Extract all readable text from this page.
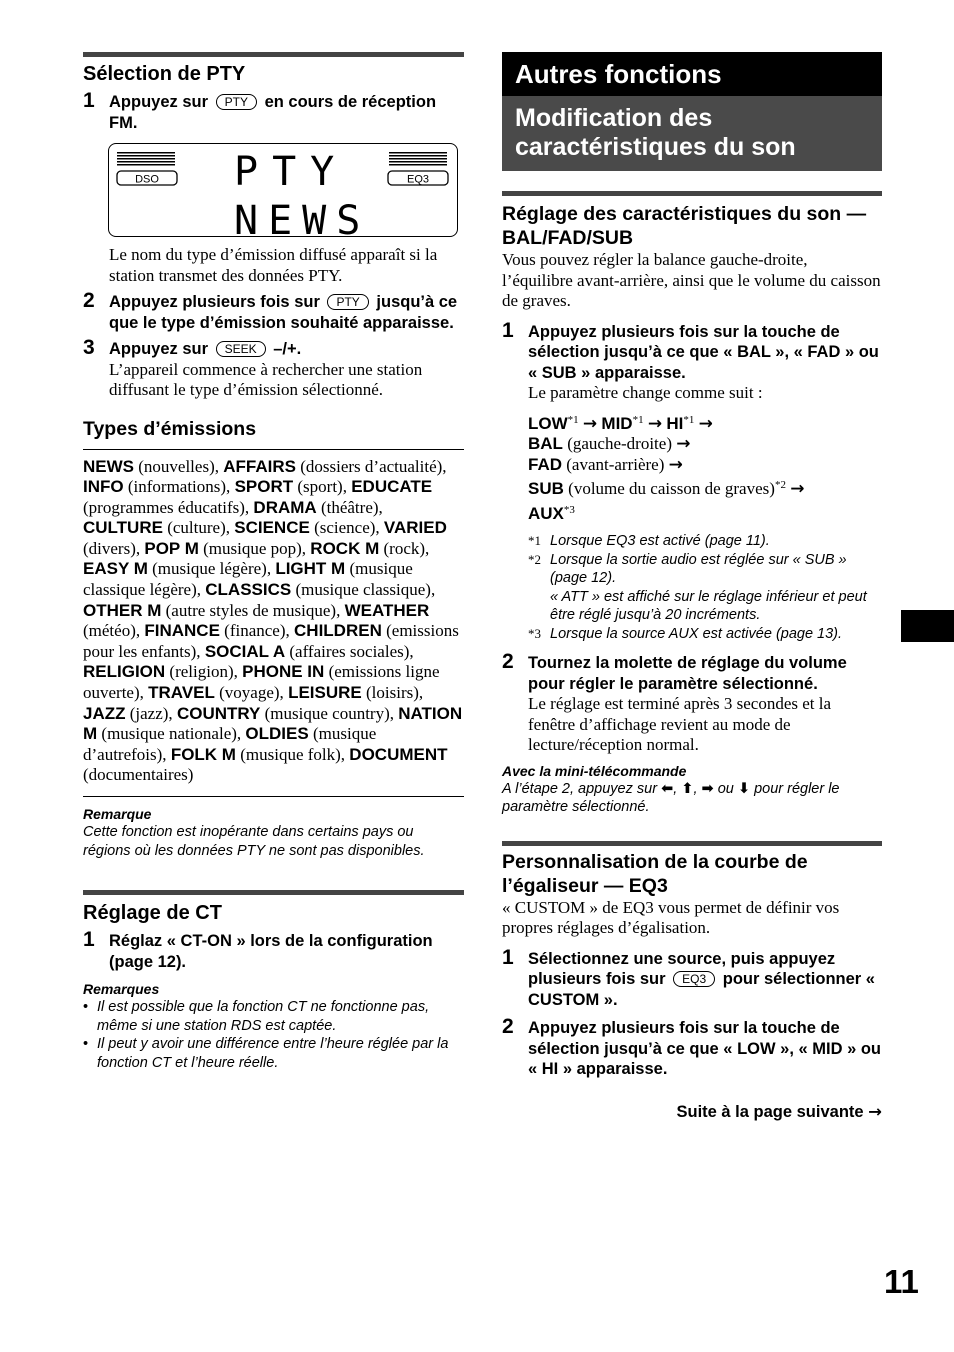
Sélection de PTY
1 Appuyez sur PTY en cours de réception FM.
DSO	EQ3
PTY
NEWS
Le nom du type d’émission diffusé apparaît si la station transmet des données PTY.
2 Appuyez plusieurs fois sur PTY jusqu’à ce que le type d’émission souhaité apparaisse.
3 Appuyez sur SEEK –/+.
L’appareil commence à rechercher une station diffusant le type d’émission sélectionné.
Types d’émissions
NEWS (nouvelles), AFFAIRS (dossiers d’actualité), INFO (informations), SPORT (sport), EDUCATE (programmes éducatifs), DRAMA (théâtre), CULTURE (culture), SCIENCE (science), VARIED (divers), POP M (musique pop), ROCK M (rock), EASY M (musique légère), LIGHT M (musique classique légère), CLASSICS (musique classique), OTHER M (autre styles de musique), WEATHER (météo), FINANCE (finance), CHILDREN (emissions pour les enfants), SOCIAL A (affaires sociales), RELIGION (religion), PHONE IN (emissions ligne ouverte), TRAVEL (voyage), LEISURE (loisirs), JAZZ (jazz), COUNTRY (musique country), NATION M (musique nationale), OLDIES (musique d’autrefois), FOLK M (musique folk), DOCUMENT (documentaires)
Remarque
Cette fonction est inopérante dans certains pays ou régions où les données PTY ne sont pas disponibles.
Réglage de CT
1 Réglaz « CT-ON » lors de la configuration (page 12).
Remarques
• Il est possible que la fonction CT ne fonctionne pas, même si une station RDS est captée.
• Il peut y avoir une différence entre l’heure réglée par la fonction CT et l’heure réelle.
Autres fonctions
Modification des caractéristiques du son
Réglage des caractéristiques du son — BAL/FAD/SUB
Vous pouvez régler la balance gauche-droite, l’équilibre avant-arrière, ainsi que le volume du caisson de graves.
1 Appuyez plusieurs fois sur la touche de sélection jusqu’à ce que « BAL », « FAD » ou « SUB » apparaisse.
Le paramètre change comme suit :
$LOW^{*1} \to MID^{*1} \to HI^{*1}$ →
BAL (gauche-droite) →
FAD (avant-arrière) →
SUB (volume du caisson de graves)$^{*2}$ →
$AUX^{*3}$
*1 Lorsque EQ3 est activé (page 11).
*2 Lorsque la sortie audio est réglée sur « SUB » (page 12).
« ATT » est affiché sur le réglage inférieur et peut être réglé jusqu’à 20 incréments.
*3 Lorsque la source AUX est activée (page 13).
2 Tournez la molette de réglage du volume pour régler le paramètre sélectionné.
Le réglage est terminé après 3 secondes et la fenêtre d’affichage revient au mode de lecture/réception normal.
Avec la mini-télécommande
A l’étape 2, appuyez sur ⬅, ⬆, ➡ ou ⬇ pour régler le paramètre sélectionné.
Personnalisation de la courbe de l’égaliseur — EQ3
« CUSTOM » de EQ3 vous permet de définir vos propres réglages d’égalisation.
1 Sélectionnez une source, puis appuyez plusieurs fois sur EQ3 pour sélectionner « CUSTOM ».
2 Appuyez plusieurs fois sur la touche de sélection jusqu’à ce que « LOW », « MID » ou « HI » apparaisse.
Suite à la page suivante →
11
